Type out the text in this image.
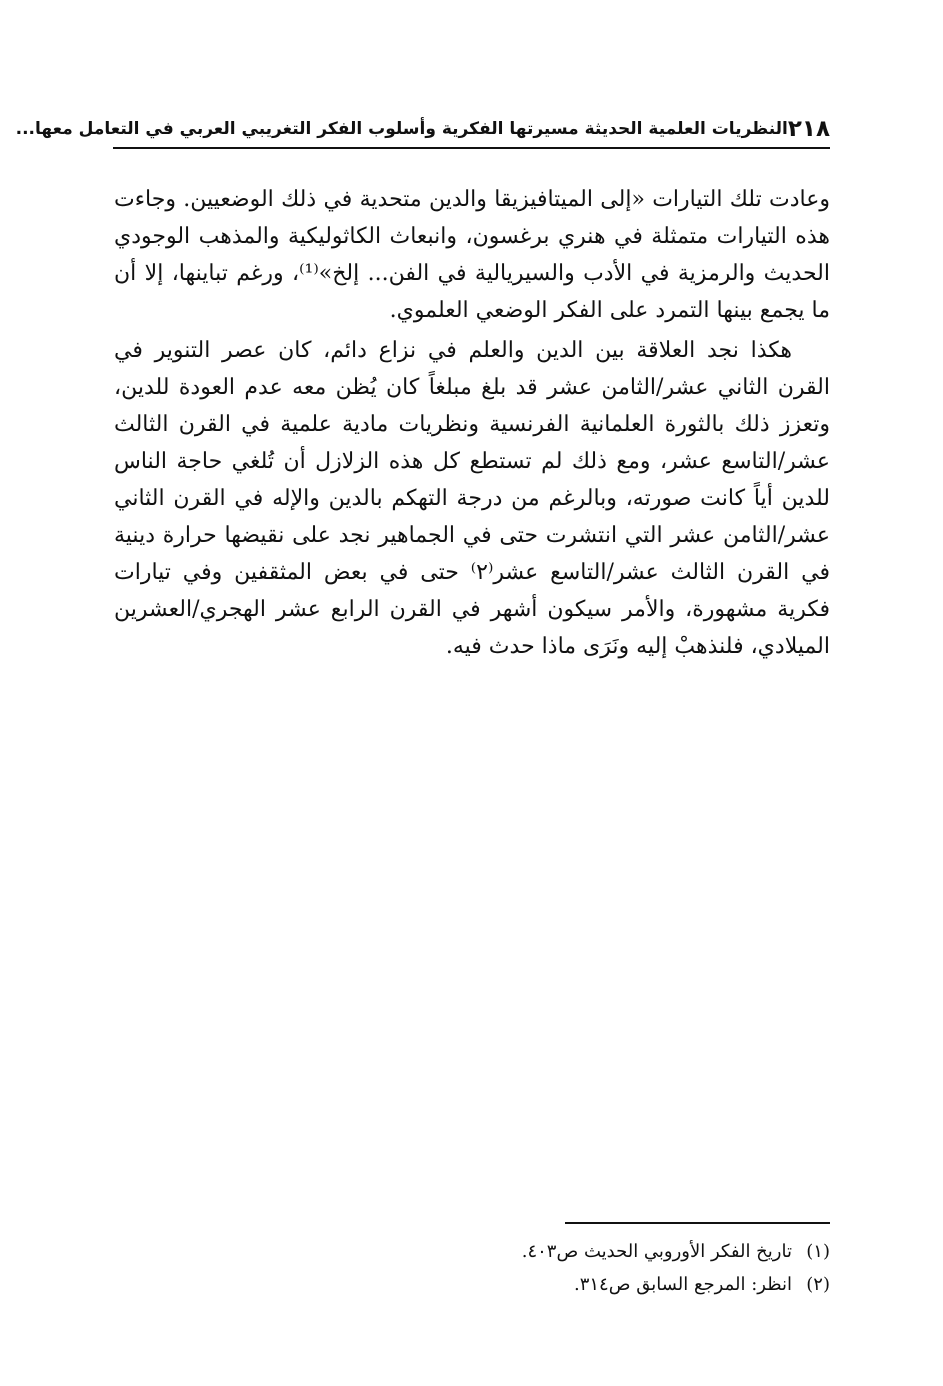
٢١٨
النظريات العلمية الحديثة مسيرتها الفكرية وأسلوب الفكر التغريبي العربي في التعامل معها...

وعادت تلك التيارات «إلى الميتافيزيقا والدين متحدية في ذلك الوضعيين. وجاءت هذه التيارات متمثلة في هنري برغسون، وانبعاث الكاثوليكية والمذهب الوجودي الحديث والرمزية في الأدب والسيريالية في الفن... إلخ»⁽¹⁾، ورغم تباينها، إلا أن ما يجمع بينها التمرد على الفكر الوضعي العلموي.

هكذا نجد العلاقة بين الدين والعلم في نزاع دائم، كان عصر التنوير في القرن الثاني عشر/الثامن عشر قد بلغ مبلغاً كان يُظن معه عدم العودة للدين، وتعزز ذلك بالثورة العلمانية الفرنسية ونظريات مادية علمية في القرن الثالث عشر/التاسع عشر، ومع ذلك لم تستطع كل هذه الزلازل أن تُلغي حاجة الناس للدين أياً كانت صورته، وبالرغم من درجة التهكم بالدين والإله في القرن الثاني عشر/الثامن عشر التي انتشرت حتى في الجماهير نجد على نقيضها حرارة دينية في القرن الثالث عشر/التاسع عشر⁽٢⁾ حتى في بعض المثقفين وفي تيارات فكرية مشهورة، والأمر سيكون أشهر في القرن الرابع عشر الهجري/العشرين الميلادي، فلنذهبْ إليه ونَرَى ماذا حدث فيه.

(١)
تاريخ الفكر الأوروبي الحديث ص٤٠٣.
(٢)
انظر: المرجع السابق ص٣١٤.
